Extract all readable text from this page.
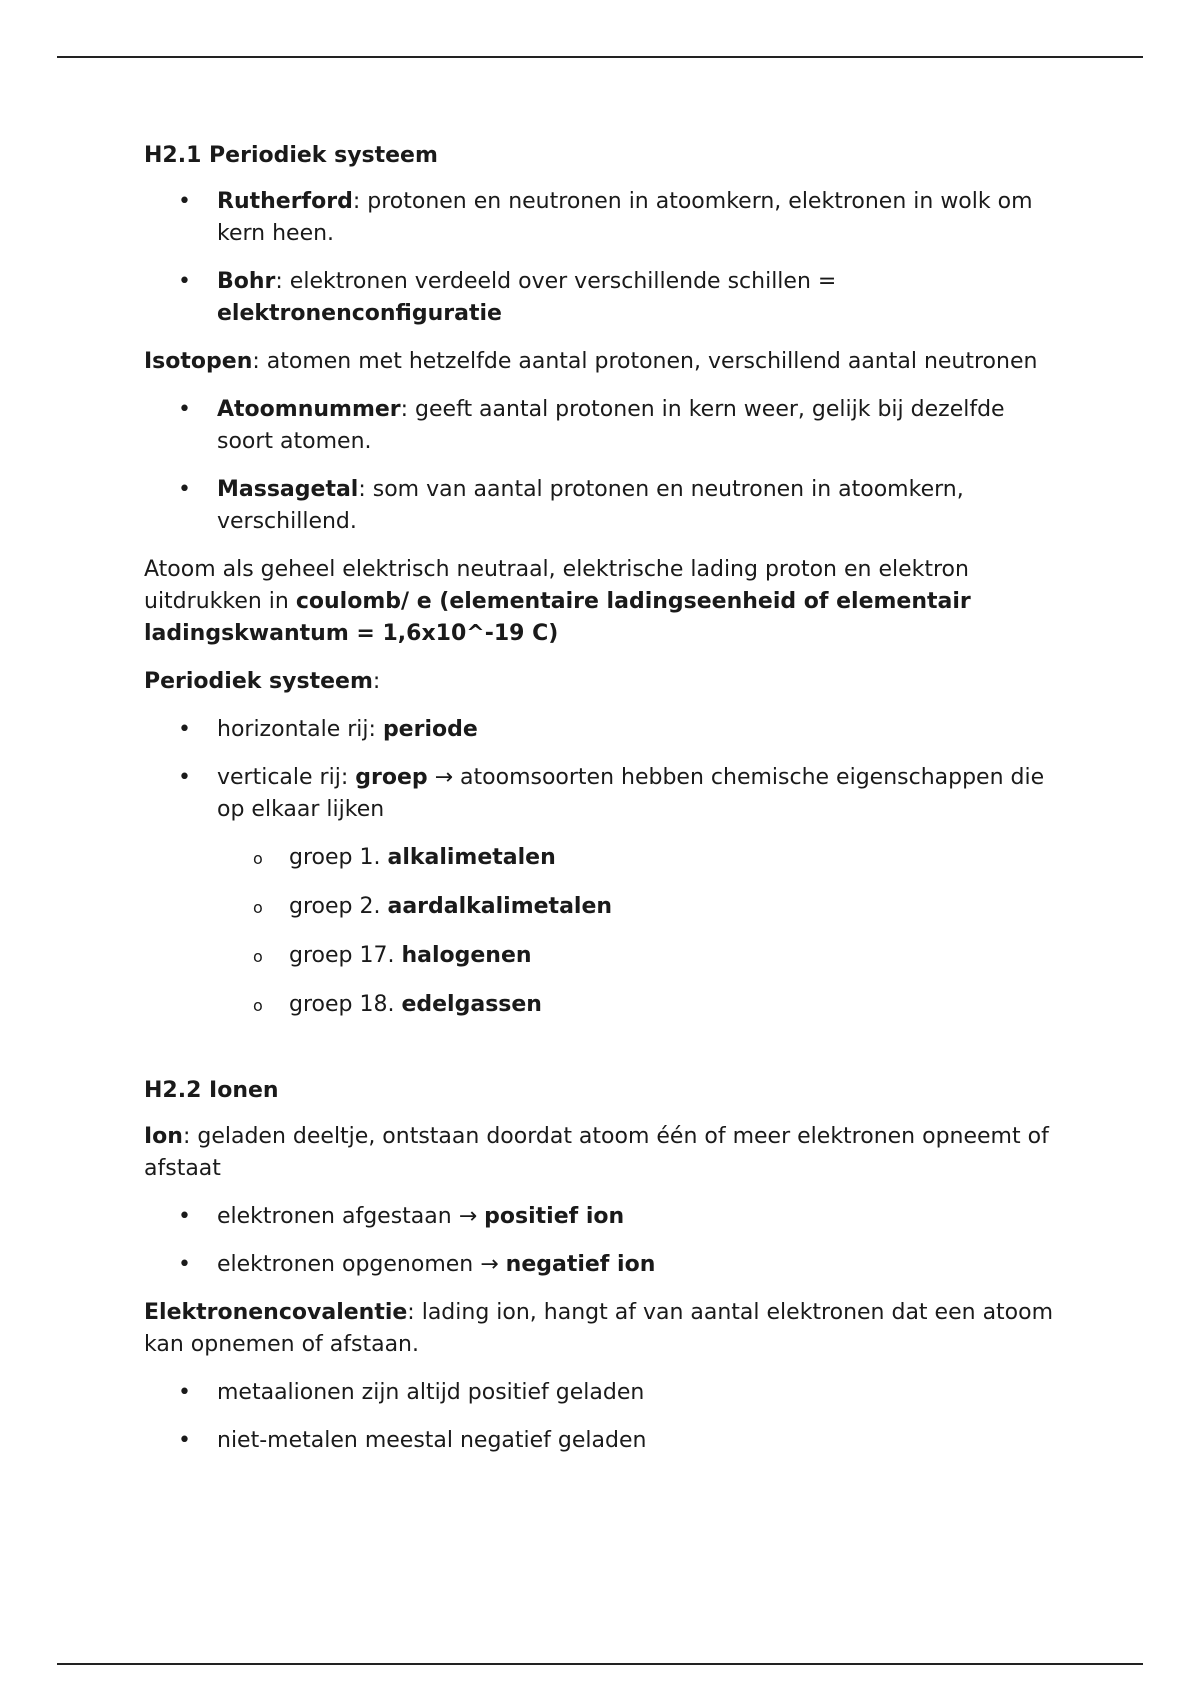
H2.1 Periodiek systeem
• Rutherford: protonen en neutronen in atoomkern, elektronen in wolk om kern heen.
• Bohr: elektronen verdeeld over verschillende schillen = elektronenconfiguratie

Isotopen: atomen met hetzelfde aantal protonen, verschillend aantal neutronen

• Atoomnummer: geeft aantal protonen in kern weer, gelijk bij dezelfde soort atomen.
• Massagetal: som van aantal protonen en neutronen in atoomkern, verschillend.

Atoom als geheel elektrisch neutraal, elektrische lading proton en elektron uitdrukken in coulomb/ e (elementaire ladingseenheid of elementair ladingskwantum = 1,6x10^-19 C)

Periodiek systeem:

• horizontale rij: periode
• verticale rij: groep → atoomsoorten hebben chemische eigenschappen die op elkaar lijken
o groep 1. alkalimetalen
o groep 2. aardalkalimetalen
o groep 17. halogenen
o groep 18. edelgassen
H2.2 Ionen

Ion: geladen deeltje, ontstaan doordat atoom één of meer elektronen opneemt of afstaat

• elektronen afgestaan → positief ion
• elektronen opgenomen → negatief ion

Elektronencovalentie: lading ion, hangt af van aantal elektronen dat een atoom kan opnemen of afstaan.

• metaalionen zijn altijd positief geladen
• niet-metalen meestal negatief geladen
